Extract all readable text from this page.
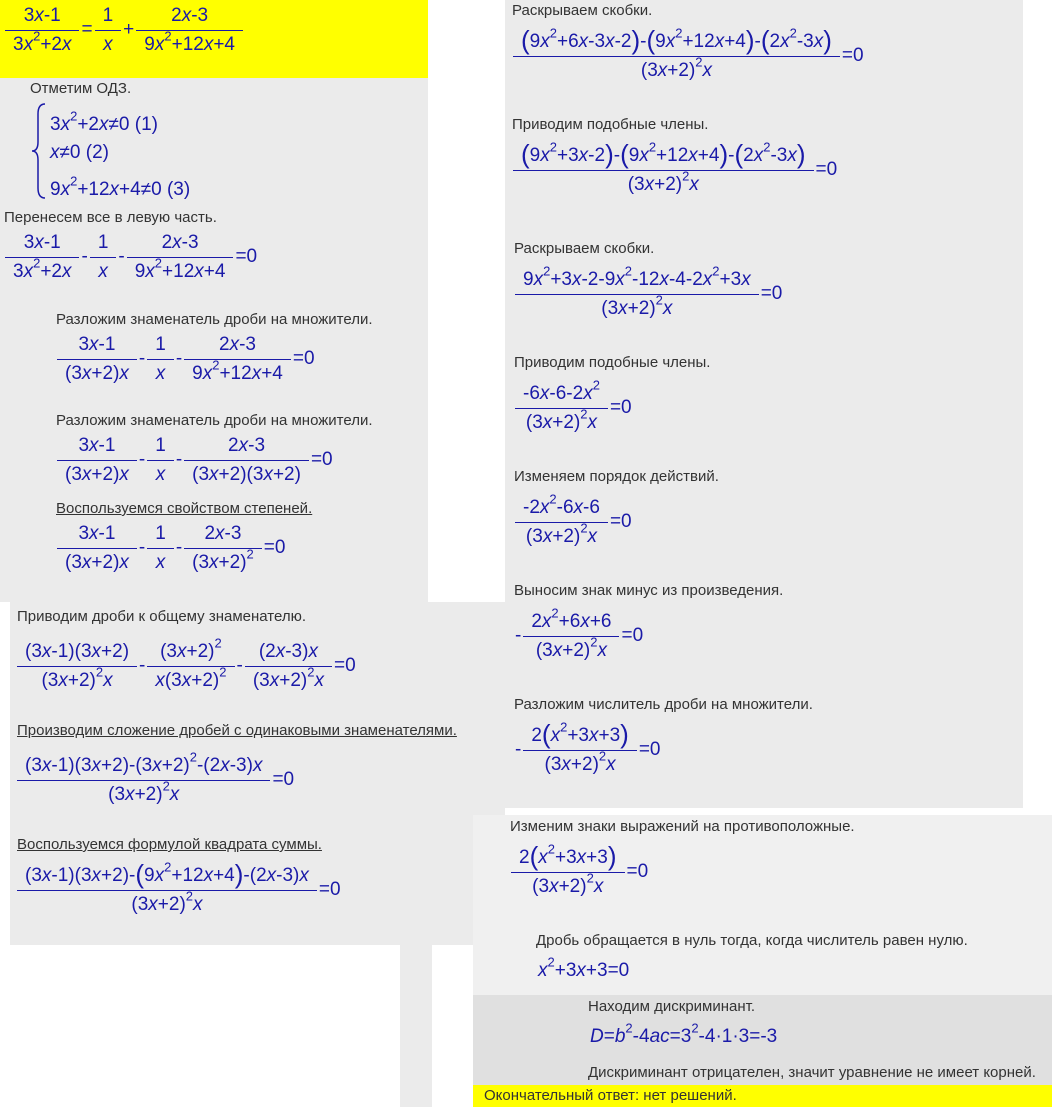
$\frac{3x-1}{3x^2+2x} = \frac{1}{x} + \frac{2x-3}{9x^2+12x+4}$
Отметим ОДЗ.
$3x^2+2x\ne 0$ (1)
x≠0 (2)
$9x^2+12x+4\ne 0$ (3)
Перенесем все в левую часть.
$\frac{3x-1}{3x^2+2x} - \frac{1}{x} - \frac{2x-3}{9x^2+12x+4} =0$
Разложим знаменатель дроби на множители.
$\frac{3x-1}{(3x+2)x} - \frac{1}{x} - \frac{2x-3}{9x^2+12x+4} =0$
Разложим знаменатель дроби на множители.
$\frac{3x-1}{(3x+2)x} - \frac{1}{x} - \frac{2x-3}{(3x+2)(3x+2)} =0$
Воспользуемся свойством степеней.
$\frac{3x-1}{(3x+2)x} - \frac{1}{x} - \frac{2x-3}{(3x+2)^2} =0$
Приводим дроби к общему знаменателю.
$\frac{(3x-1)(3x+2)}{(3x+2)^2x} - \frac{(3x+2)^2}{x(3x+2)^2} - \frac{(2x-3)x}{(3x+2)^2x} =0$
Производим сложение дробей с одинаковыми знаменателями.
$\frac{(3x-1)(3x+2)-(3x+2)^2-(2x-3)x}{(3x+2)^2x} =0$
Воспользуемся формулой квадрата суммы.
$\frac{(3x-1)(3x+2)-(9x^2+12x+4)-(2x-3)x}{(3x+2)^2x} =0$
Раскрываем скобки.
$\frac{(9x^2+6x-3x-2)-(9x^2+12x+4)-(2x^2-3x)}{(3x+2)^2x} =0$
Приводим подобные члены.
$\frac{(9x^2+3x-2)-(9x^2+12x+4)-(2x^2-3x)}{(3x+2)^2x} =0$
Раскрываем скобки.
$\frac{9x^2+3x-2-9x^2-12x-4-2x^2+3x}{(3x+2)^2x} =0$
Приводим подобные члены.
$\frac{-6x-6-2x^2}{(3x+2)^2x} =0$
Изменяем порядок действий.
$\frac{-2x^2-6x-6}{(3x+2)^2x} =0$
Выносим знак минус из произведения.
- $\frac{2x^2+6x+6}{(3x+2)^2x} =0$
Разложим числитель дроби на множители.
- $\frac{2(x^2+3x+3)}{(3x+2)^2x} =0$
Изменим знаки выражений на противоположные.
$\frac{2(x^2+3x+3)}{(3x+2)^2x} =0$
Дробь обращается в нуль тогда, когда числитель равен нулю.
$x^2+3x+3=0$
Находим дискриминант.
$D=b^2-4ac=3^2-4\cdot 1\cdot 3=-3$
Дискриминант отрицателен, значит уравнение не имеет корней.
Окончательный ответ: нет решений.
